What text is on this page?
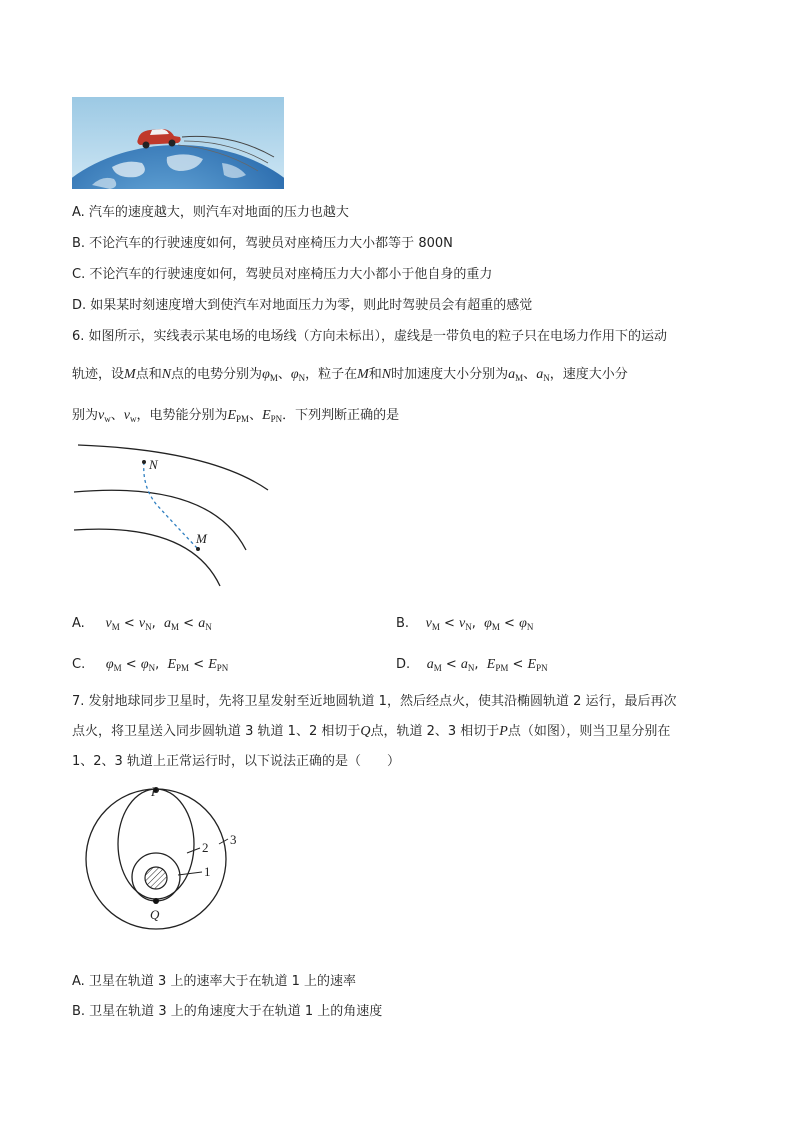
A. 汽车的速度越大，则汽车对地面的压力也越大
B. 不论汽车的行驶速度如何，驾驶员对座椅压力大小都等于 800N
C. 不论汽车的行驶速度如何，驾驶员对座椅压力大小都小于他自身的重力
D. 如果某时刻速度增大到使汽车对地面压力为零，则此时驾驶员会有超重的感觉
6. 如图所示，实线表示某电场的电场线（方向未标出），虚线是一带负电的粒子只在电场力作用下的运动
轨迹，设M点和N点的电势分别为$\varphi_M$、$\varphi_N$，粒子在M和N时加速度大小分别为$a_M$、$a_N$，速度大小分
别为$v_w$、$v_w$，电势能分别为$E_{PM}$、$E_{PN}$．下列判断正确的是
N
M
A. $v_M < v_N$,  $a_M < a_N$	B. $v_M < v_N$,  $\varphi_M < \varphi_N$
C. $\varphi_M < \varphi_N$,  $E_{PM} < E_{PN}$	D. $a_M < a_N$,  $E_{PM} < E_{PN}$
7. 发射地球同步卫星时，先将卫星发射至近地圆轨道 1，然后经点火，使其沿椭圆轨道 2 运行，最后再次
点火，将卫星送入同步圆轨道 3 轨道 1、2 相切于Q点，轨道 2、3 相切于P点（如图），则当卫星分别在
1、2、3 轨道上正常运行时，以下说法正确的是（　　）
P
Q
2
1
3
A. 卫星在轨道 3 上的速率大于在轨道 1 上的速率
B. 卫星在轨道 3 上的角速度大于在轨道 1 上的角速度
